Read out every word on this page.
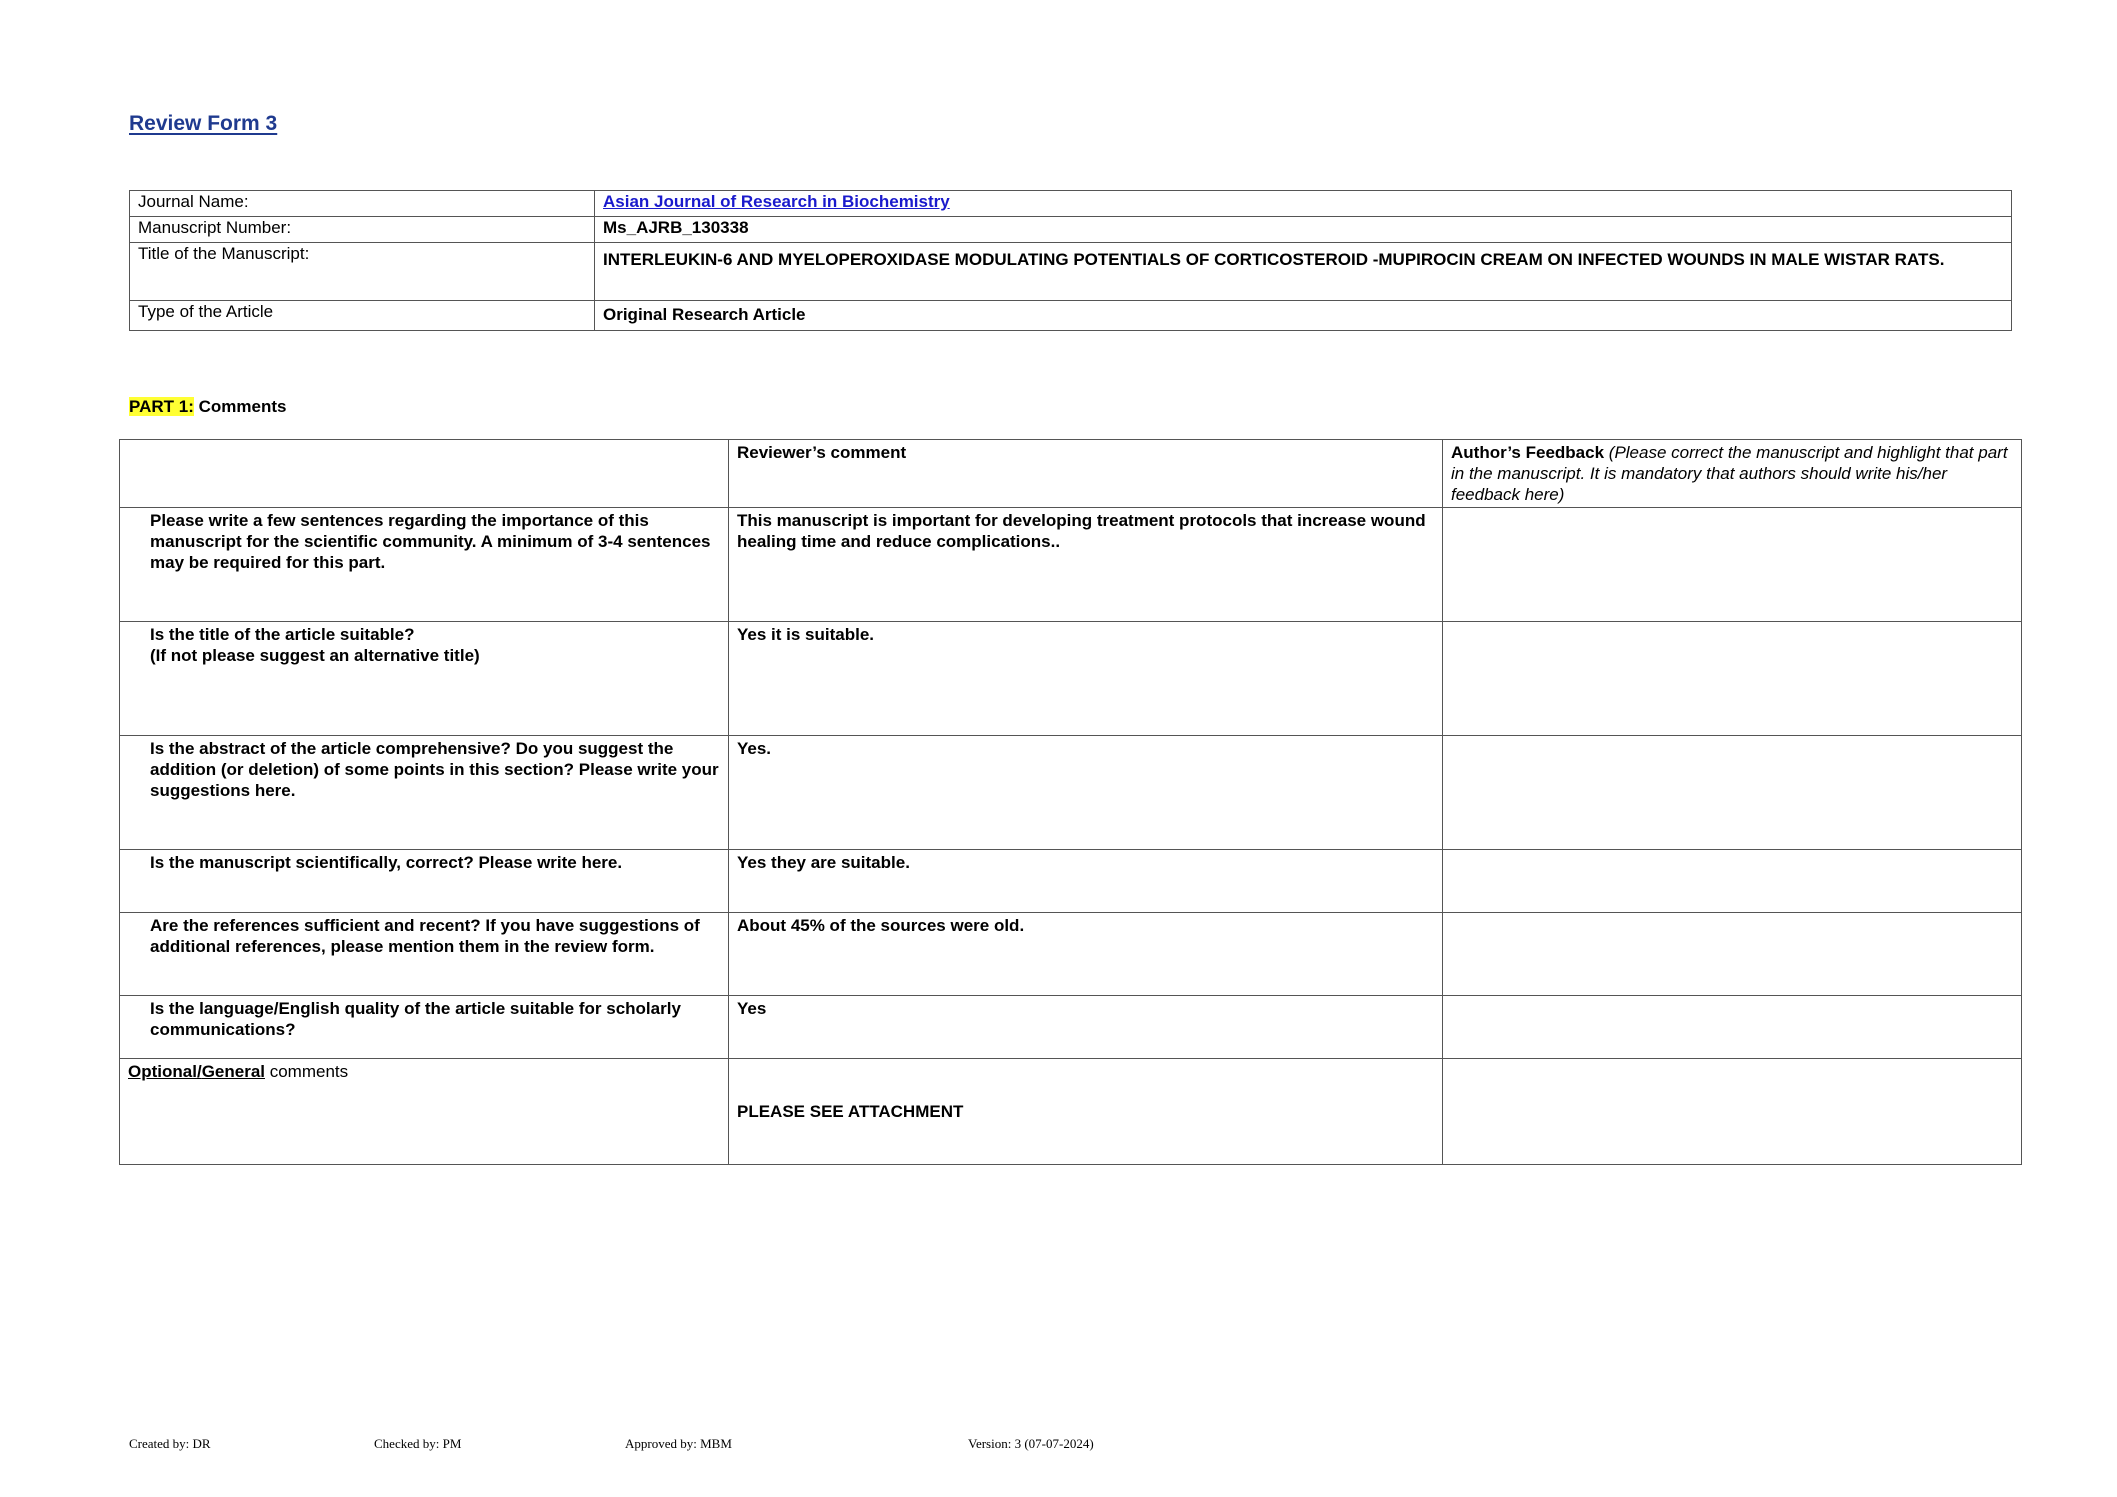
Review Form 3
Journal Name:	Asian Journal of Research in Biochemistry
Manuscript Number:	Ms_AJRB_130338
Title of the Manuscript:	INTERLEUKIN-6 AND MYELOPEROXIDASE MODULATING POTENTIALS OF CORTICOSTEROID -MUPIROCIN CREAM ON INFECTED WOUNDS IN MALE WISTAR RATS.
Type of the Article	Original Research Article
PART 1: Comments
	Reviewer’s comment	Author’s Feedback (Please correct the manuscript and highlight that part in the manuscript. It is mandatory that authors should write his/her feedback here)
Please write a few sentences regarding the importance of this manuscript for the scientific community. A minimum of 3-4 sentences may be required for this part.	This manuscript is important for developing treatment protocols that increase wound healing time and reduce complications..	
Is the title of the article suitable?
(If not please suggest an alternative title)	Yes it is suitable.	
Is the abstract of the article comprehensive? Do you suggest the addition (or deletion) of some points in this section? Please write your suggestions here.	Yes.	
Is the manuscript scientifically, correct? Please write here.	Yes they are suitable.	
Are the references sufficient and recent? If you have suggestions of additional references, please mention them in the review form.	About 45% of the sources were old.	
Is the language/English quality of the article suitable for scholarly communications?	Yes	
Optional/General comments	PLEASE SEE ATTACHMENT	
Created by: DR	Checked by: PM	Approved by: MBM	Version: 3 (07-07-2024)
